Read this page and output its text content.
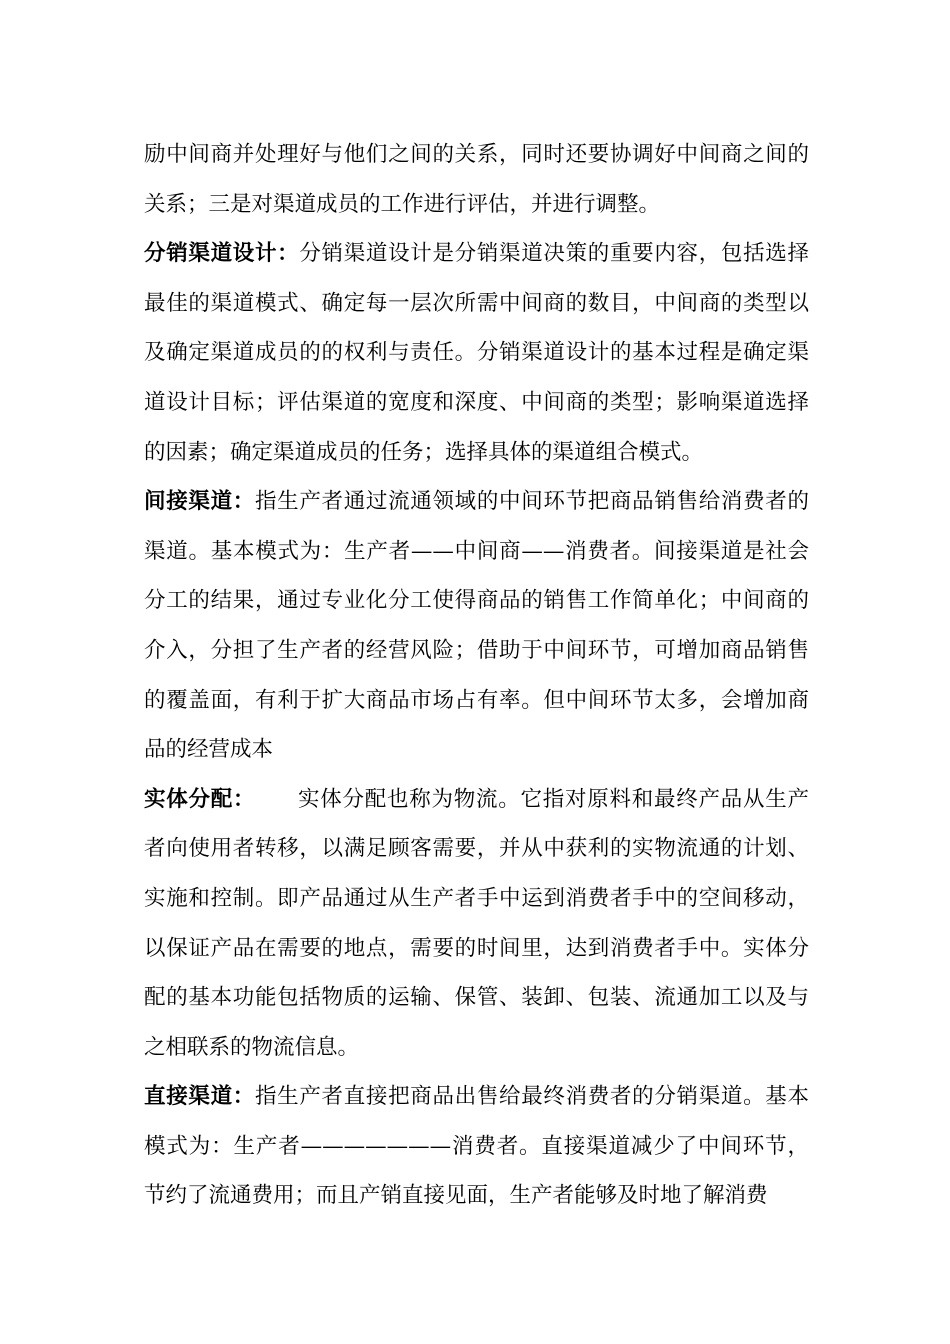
励中间商并处理好与他们之间的关系，同时还要协调好中间商之间的关系；三是对渠道成员的工作进行评估，并进行调整。

分销渠道设计：分销渠道设计是分销渠道决策的重要内容，包括选择最佳的渠道模式、确定每一层次所需中间商的数目，中间商的类型以及确定渠道成员的的权利与责任。分销渠道设计的基本过程是确定渠道设计目标；评估渠道的宽度和深度、中间商的类型；影响渠道选择的因素；确定渠道成员的任务；选择具体的渠道组合模式。

间接渠道：指生产者通过流通领域的中间环节把商品销售给消费者的渠道。基本模式为：生产者——中间商——消费者。间接渠道是社会分工的结果，通过专业化分工使得商品的销售工作简单化；中间商的介入，分担了生产者的经营风险；借助于中间环节，可增加商品销售的覆盖面，有利于扩大商品市场占有率。但中间环节太多，会增加商品的经营成本

实体分配： 实体分配也称为物流。它指对原料和最终产品从生产者向使用者转移，以满足顾客需要，并从中获利的实物流通的计划、实施和控制。即产品通过从生产者手中运到消费者手中的空间移动，以保证产品在需要的地点，需要的时间里，达到消费者手中。实体分配的基本功能包括物质的运输、保管、装卸、包装、流通加工以及与之相联系的物流信息。

直接渠道：指生产者直接把商品出售给最终消费者的分销渠道。基本模式为：生产者———————消费者。直接渠道减少了中间环节，节约了流通费用；而且产销直接见面，生产者能够及时地了解消费
